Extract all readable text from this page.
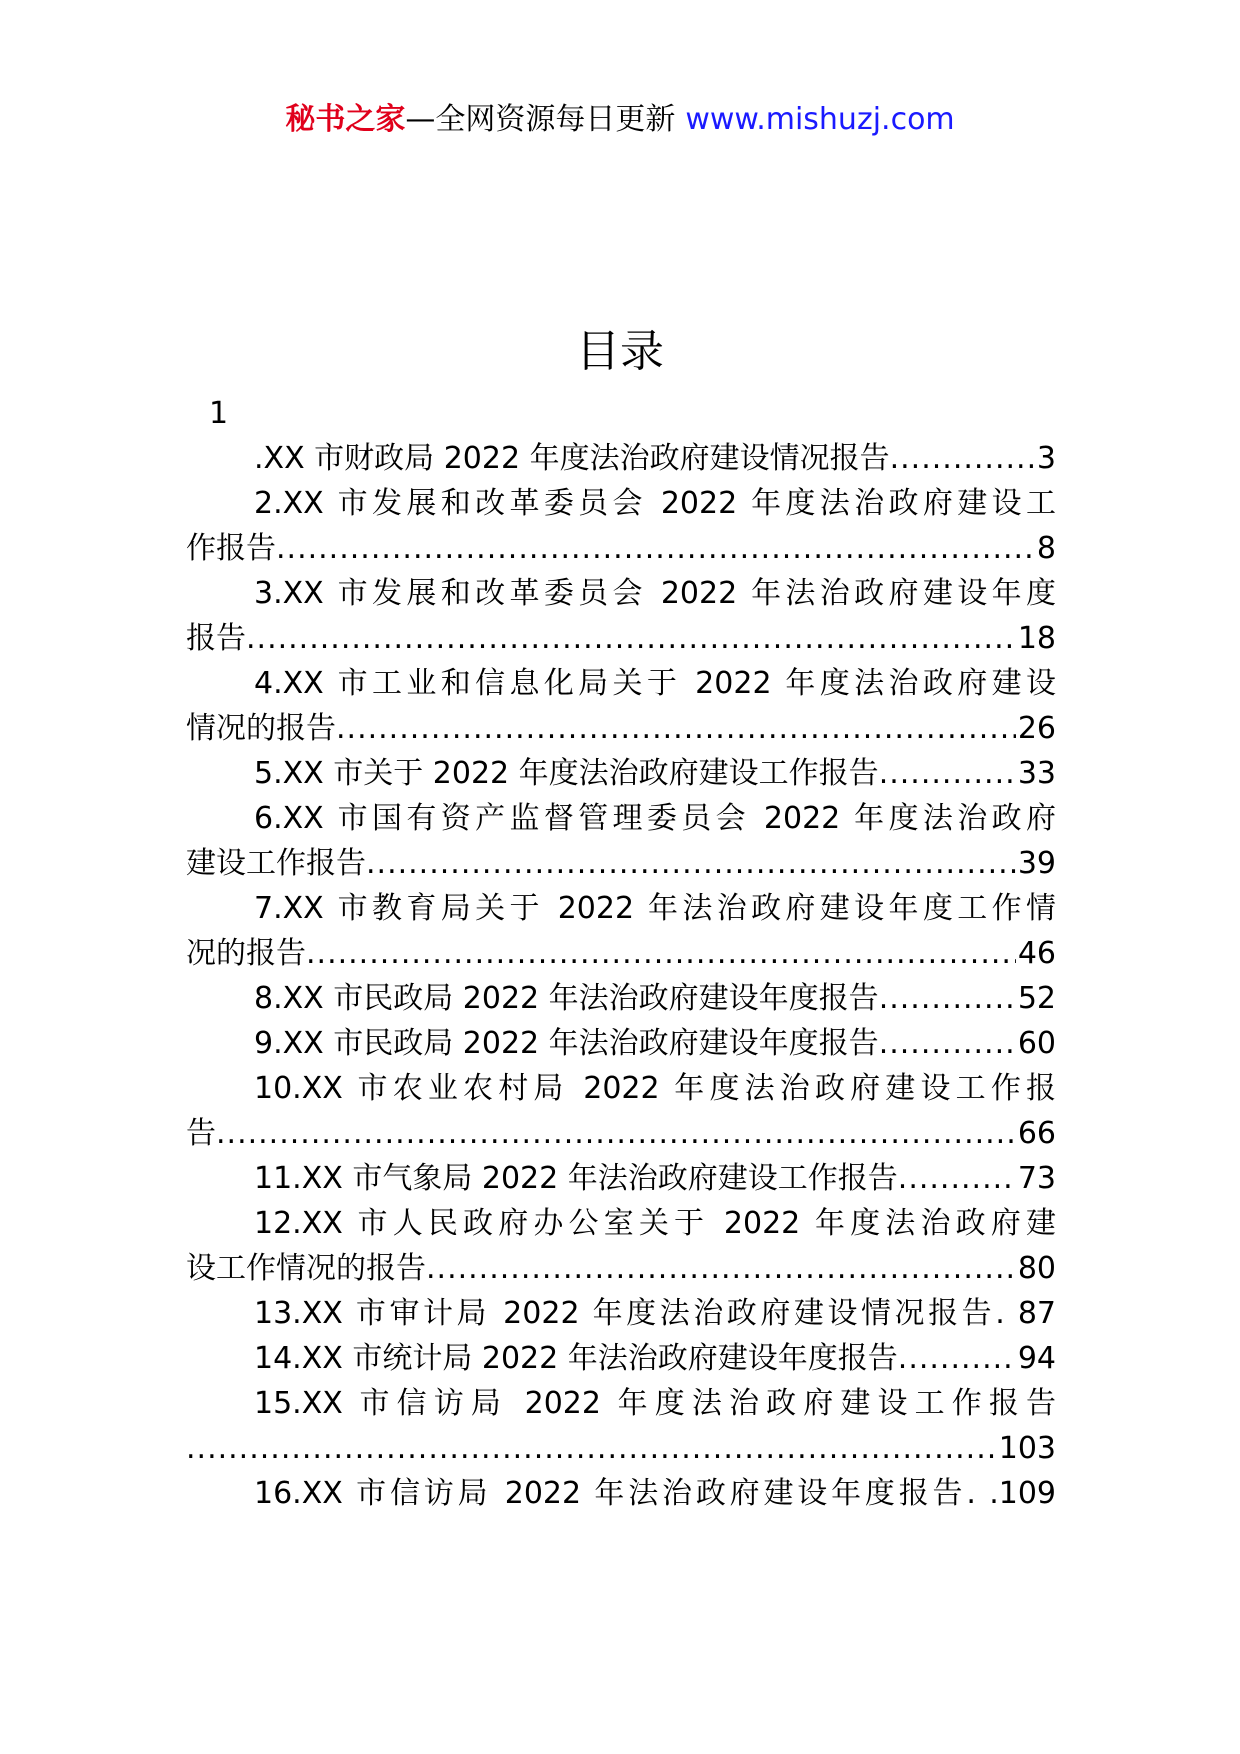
秘书之家—全网资源每日更新 www.mishuzj.com
目录
1
.XX 市财政局 2022 年度法治政府建设情况报告 .....	3
2.XX 市发展和改革委员会 2022 年度法治政府建设工
作报告 .....	8
3.XX 市发展和改革委员会 2022 年法治政府建设年度
报告 .....	18
4.XX 市工业和信息化局关于 2022 年度法治政府建设
情况的报告 .....	26
5.XX 市关于 2022 年度法治政府建设工作报告 .....	33
6.XX 市国有资产监督管理委员会 2022 年度法治政府
建设工作报告 .....	39
7.XX 市教育局关于 2022 年法治政府建设年度工作情
况的报告 .....	46
8.XX 市民政局 2022 年法治政府建设年度报告 .....	52
9.XX 市民政局 2022 年法治政府建设年度报告 .....	60
10.XX 市农业农村局 2022 年度法治政府建设工作报
告 .....	66
11.XX 市气象局 2022 年法治政府建设工作报告 .....	73
12.XX 市人民政府办公室关于 2022 年度法治政府建
设工作情况的报告 .....	80
13.XX 市审计局 2022 年度法治政府建设情况报告. 87
14.XX 市统计局 2022 年法治政府建设年度报告 .....	94
15.XX 市信访局 2022 年度法治政府建设工作报告
.....
103
16.XX 市信访局 2022 年法治政府建设年度报告. .109
